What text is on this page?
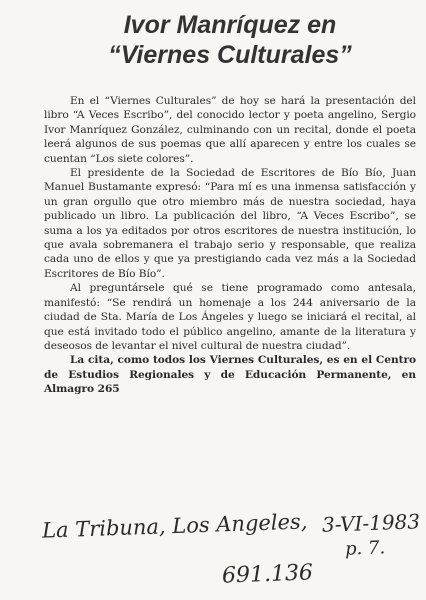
Ivor Manríquez en
“Viernes Culturales”

En el “Viernes Culturales” de hoy se hará la presentación del libro “A Veces Escribo”, del conocido lector y poeta angelino, Sergio Ivor Manríquez González, culminando con un recital, donde el poeta leerá algunos de sus poemas que allí aparecen y entre los cuales se cuentan “Los siete colores”.

El presidente de la Sociedad de Escritores de Bío Bío, Juan Manuel Bustamante expresó: “Para mí es una inmensa satisfacción y un gran orgullo que otro miembro más de nuestra sociedad, haya publicado un libro. La publicación del libro, “A Veces Escribo”, se suma a los ya editados por otros escritores de nuestra institución, lo que avala sobremanera el trabajo serio y responsable, que realiza cada uno de ellos y que ya prestigiando cada vez más a la Sociedad Escritores de Bío Bío”.

Al preguntársele qué se tiene programado como antesala, manifestó: “Se rendirá un homenaje a los 244 aniversario de la ciudad de Sta. María de Los Ángeles y luego se iniciará el recital, al que está invitado todo el público angelino, amante de la literatura y deseosos de levantar el nivel cultural de nuestra ciudad”.

La cita, como todos los Viernes Culturales, es en el Centro de Estudios Regionales y de Educación Permanente, en Almagro 265

La Tribuna, Los Angeles, 3-VI-1983
p. 7.
691.136
